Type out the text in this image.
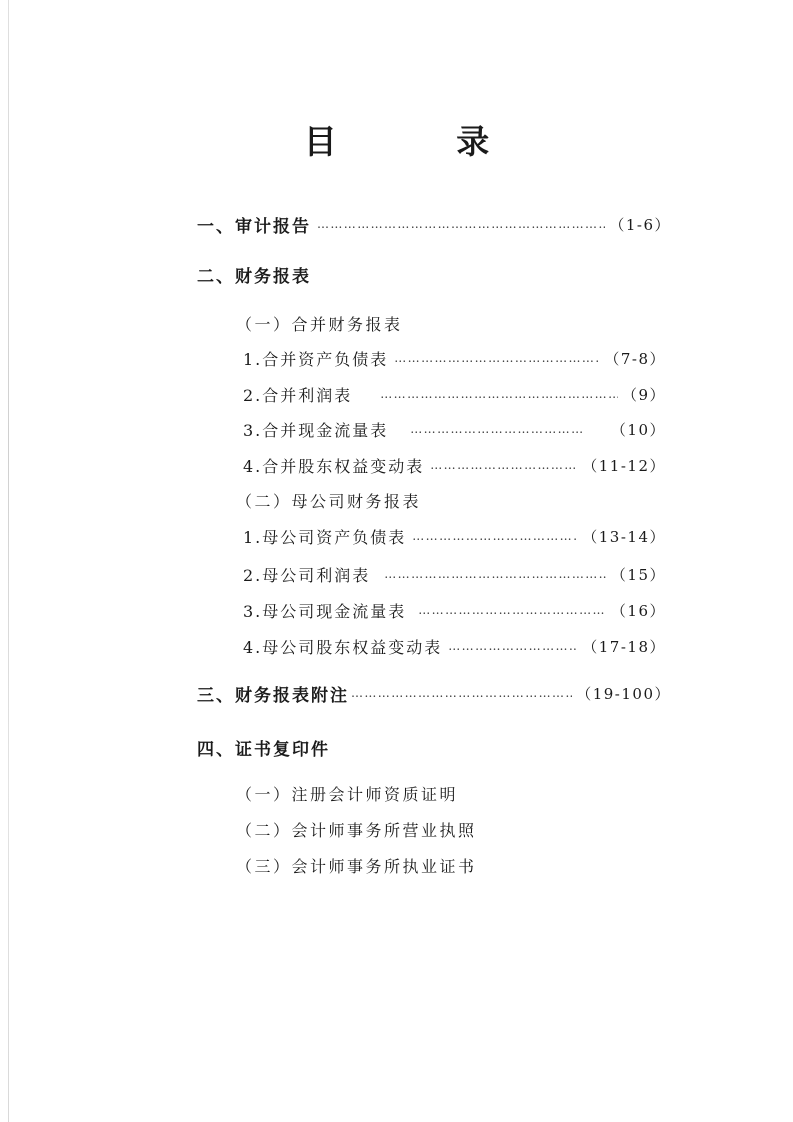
目 录
一、审计报告 ……………………………………………………………………………………………………………………………………………………	（1-6）
二、财务报表
（一）合并财务报表
1.合并资产负债表 ……………………………………………………………………………………………………………………………………………………	（7-8）
2.合并利润表 ……………………………………………………………………………………………………………………………………………………	（9）
3.合并现金流量表 ……………………………………………………………………………………………………………………………………………………	（10）
4.合并股东权益变动表 ……………………………………………………………………………………………………………………………………………………	（11-12）
（二）母公司财务报表
1.母公司资产负债表 ……………………………………………………………………………………………………………………………………………………	（13-14）
2.母公司利润表 ……………………………………………………………………………………………………………………………………………………	（15）
3.母公司现金流量表 ……………………………………………………………………………………………………………………………………………………	（16）
4.母公司股东权益变动表 ……………………………………………………………………………………………………………………………………………………	（17-18）
三、财务报表附注 ……………………………………………………………………………………………………………………………………………………	（19-100）
四、证书复印件
（一）注册会计师资质证明
（二）会计师事务所营业执照
（三）会计师事务所执业证书
